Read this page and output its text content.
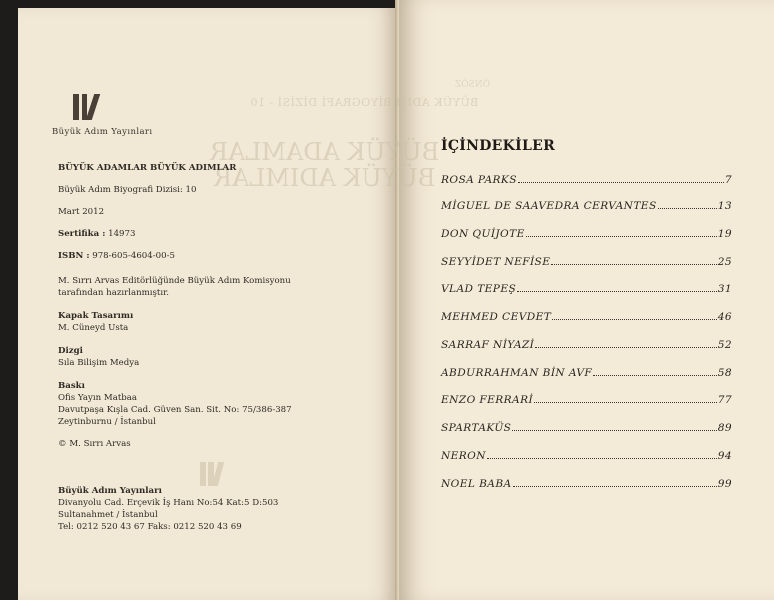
BÜYÜK ADIM BİYOGRAFİ DİZİSİ - 10
BÜYÜK ADAMLAR
BÜYÜK ADIMLAR
Büyük Adım Yayınları
BÜYÜK ADAMLAR BÜYÜK ADIMLAR
Büyük Adım Biyografi Dizisi: 10
Mart 2012
Sertifika : 14973
ISBN : 978-605-4604-00-5
M. Sırrı Arvas Editörlüğünde Büyük Adım Komisyonu
tarafından hazırlanmıştır.
Kapak Tasarımı
M. Cüneyd Usta
Dizgi
Sıla Bilişim Medya
Baskı
Ofis Yayın Matbaa
Davutpaşa Kışla Cad. Güven San. Sit. No: 75/386-387
Zeytinburnu / İstanbul
© M. Sırrı Arvas
Büyük Adım Yayınları
Divanyolu Cad. Erçevik İş Hanı No:54 Kat:5 D:503
Sultanahmet / İstanbul
Tel: 0212 520 43 67 Faks: 0212 520 43 69
ÖNSÖZ
İÇİNDEKİLER
ROSA PARKS	7
MİGUEL DE SAAVEDRA CERVANTES	13
DON QUİJOTE	19
SEYYİDET NEFİSE	25
VLAD TEPEŞ	31
MEHMED CEVDET	46
SARRAF NİYAZİ	52
ABDURRAHMAN BİN AVF	58
ENZO FERRARİ	77
SPARTAKÜS	89
NERON	94
NOEL BABA	99
